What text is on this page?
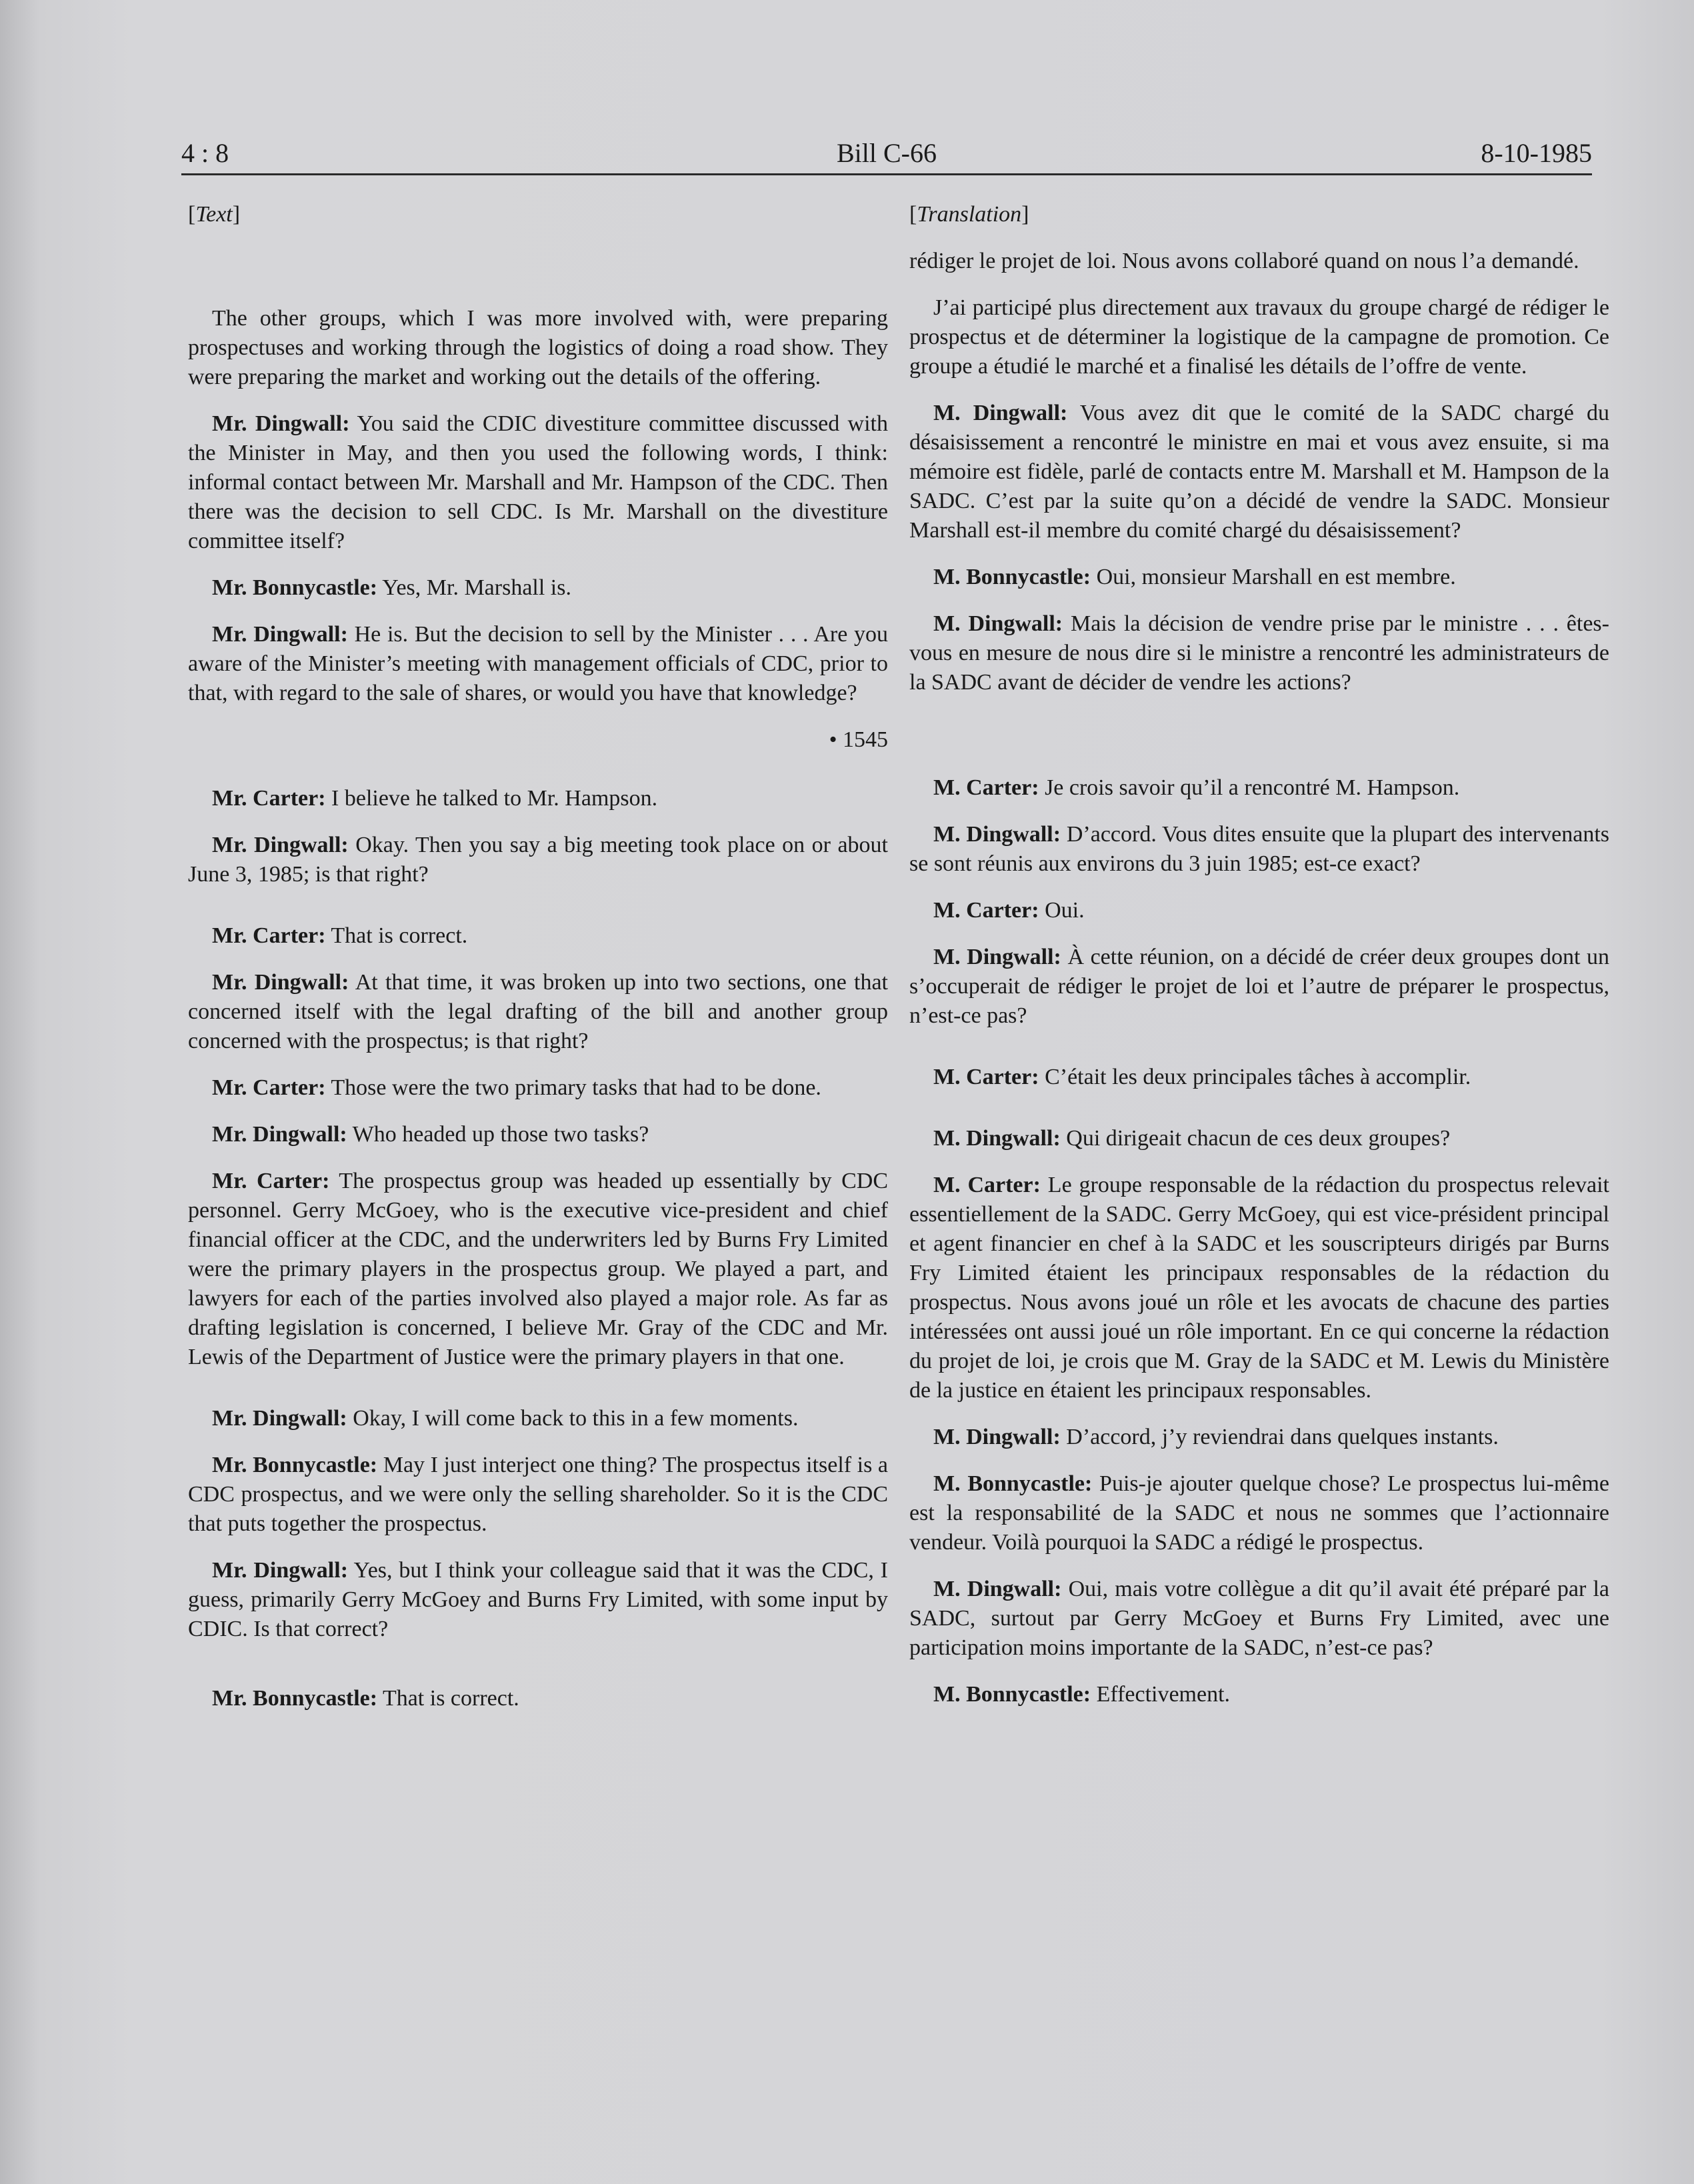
4 : 8	Bill C-66	8-10-1985

[Text]

The other groups, which I was more involved with, were preparing prospectuses and working through the logistics of doing a road show. They were preparing the market and working out the details of the offering.

Mr. Dingwall: You said the CDIC divestiture committee discussed with the Minister in May, and then you used the following words, I think: informal contact between Mr. Marshall and Mr. Hampson of the CDC. Then there was the decision to sell CDC. Is Mr. Marshall on the divestiture committee itself?

Mr. Bonnycastle: Yes, Mr. Marshall is.

Mr. Dingwall: He is. But the decision to sell by the Minister . . . Are you aware of the Minister’s meeting with management officials of CDC, prior to that, with regard to the sale of shares, or would you have that knowledge?

• 1545

Mr. Carter: I believe he talked to Mr. Hampson.

Mr. Dingwall: Okay. Then you say a big meeting took place on or about June 3, 1985; is that right?

Mr. Carter: That is correct.

Mr. Dingwall: At that time, it was broken up into two sections, one that concerned itself with the legal drafting of the bill and another group concerned with the prospectus; is that right?

Mr. Carter: Those were the two primary tasks that had to be done.

Mr. Dingwall: Who headed up those two tasks?

Mr. Carter: The prospectus group was headed up essentially by CDC personnel. Gerry McGoey, who is the executive vice-president and chief financial officer at the CDC, and the underwriters led by Burns Fry Limited were the primary players in the prospectus group. We played a part, and lawyers for each of the parties involved also played a major role. As far as drafting legislation is concerned, I believe Mr. Gray of the CDC and Mr. Lewis of the Department of Justice were the primary players in that one.

Mr. Dingwall: Okay, I will come back to this in a few moments.

Mr. Bonnycastle: May I just interject one thing? The prospectus itself is a CDC prospectus, and we were only the selling shareholder. So it is the CDC that puts together the prospectus.

Mr. Dingwall: Yes, but I think your colleague said that it was the CDC, I guess, primarily Gerry McGoey and Burns Fry Limited, with some input by CDIC. Is that correct?

Mr. Bonnycastle: That is correct.

[Translation]

rédiger le projet de loi. Nous avons collaboré quand on nous l’a demandé.

J’ai participé plus directement aux travaux du groupe chargé de rédiger le prospectus et de déterminer la logistique de la campagne de promotion. Ce groupe a étudié le marché et a finalisé les détails de l’offre de vente.

M. Dingwall: Vous avez dit que le comité de la SADC chargé du désaisissement a rencontré le ministre en mai et vous avez ensuite, si ma mémoire est fidèle, parlé de contacts entre M. Marshall et M. Hampson de la SADC. C’est par la suite qu’on a décidé de vendre la SADC. Monsieur Marshall est-il membre du comité chargé du désaisissement?

M. Bonnycastle: Oui, monsieur Marshall en est membre.

M. Dingwall: Mais la décision de vendre prise par le ministre . . . êtes-vous en mesure de nous dire si le ministre a rencontré les administrateurs de la SADC avant de décider de vendre les actions?

M. Carter: Je crois savoir qu’il a rencontré M. Hampson.

M. Dingwall: D’accord. Vous dites ensuite que la plupart des intervenants se sont réunis aux environs du 3 juin 1985; est-ce exact?

M. Carter: Oui.

M. Dingwall: À cette réunion, on a décidé de créer deux groupes dont un s’occuperait de rédiger le projet de loi et l’autre de préparer le prospectus, n’est-ce pas?

M. Carter: C’était les deux principales tâches à accomplir.

M. Dingwall: Qui dirigeait chacun de ces deux groupes?

M. Carter: Le groupe responsable de la rédaction du prospectus relevait essentiellement de la SADC. Gerry McGoey, qui est vice-président principal et agent financier en chef à la SADC et les souscripteurs dirigés par Burns Fry Limited étaient les principaux responsables de la rédaction du prospectus. Nous avons joué un rôle et les avocats de chacune des parties intéressées ont aussi joué un rôle important. En ce qui concerne la rédaction du projet de loi, je crois que M. Gray de la SADC et M. Lewis du Ministère de la justice en étaient les principaux responsables.

M. Dingwall: D’accord, j’y reviendrai dans quelques instants.

M. Bonnycastle: Puis-je ajouter quelque chose? Le prospectus lui-même est la responsabilité de la SADC et nous ne sommes que l’actionnaire vendeur. Voilà pourquoi la SADC a rédigé le prospectus.

M. Dingwall: Oui, mais votre collègue a dit qu’il avait été préparé par la SADC, surtout par Gerry McGoey et Burns Fry Limited, avec une participation moins importante de la SADC, n’est-ce pas?

M. Bonnycastle: Effectivement.
